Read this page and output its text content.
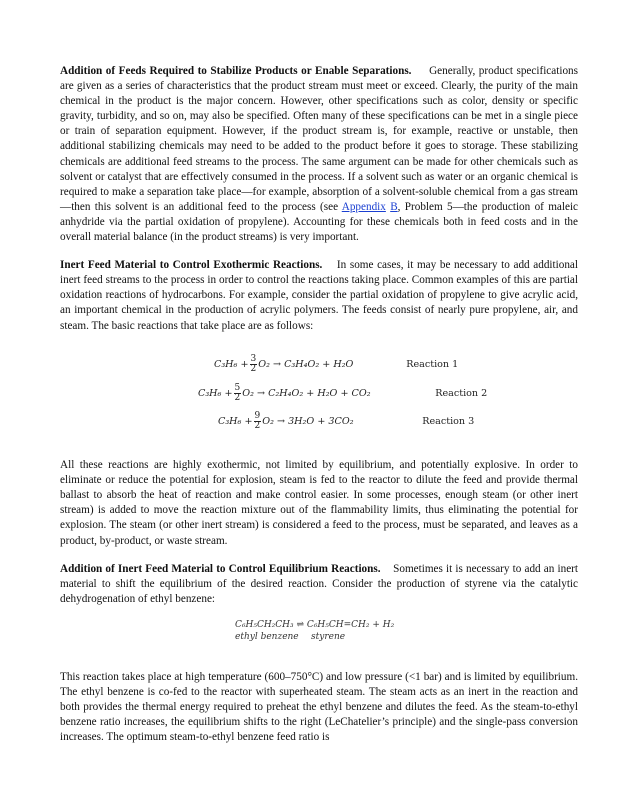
Addition of Feeds Required to Stabilize Products or Enable Separations. Generally, product specifications are given as a series of characteristics that the product stream must meet or exceed. Clearly, the purity of the main chemical in the product is the major concern. However, other specifications such as color, density or specific gravity, turbidity, and so on, may also be specified. Often many of these specifications can be met in a single piece or train of separation equipment. However, if the product stream is, for example, reactive or unstable, then additional stabilizing chemicals may need to be added to the product before it goes to storage. These stabilizing chemicals are additional feed streams to the process. The same argument can be made for other chemicals such as solvent or catalyst that are effectively consumed in the process. If a solvent such as water or an organic chemical is required to make a separation take place—for example, absorption of a solvent-soluble chemical from a gas stream—then this solvent is an additional feed to the process (see Appendix B, Problem 5—the production of maleic anhydride via the partial oxidation of propylene). Accounting for these chemicals both in feed costs and in the overall material balance (in the product streams) is very important.

Inert Feed Material to Control Exothermic Reactions. In some cases, it may be necessary to add additional inert feed streams to the process in order to control the reactions taking place. Common examples of this are partial oxidation reactions of hydrocarbons. For example, consider the partial oxidation of propylene to give acrylic acid, an important chemical in the production of acrylic polymers. The feeds consist of nearly pure propylene, air, and steam. The basic reactions that take place are as follows:

$C_3H_6 + \frac{3}{2} O_2 \to C_3H_4O_2 + H_2O$	Reaction 1
$C_3H_6 + \frac{5}{2} O_2 \to C_2H_4O_2 + H_2O + CO_2$	Reaction 2
$C_3H_6 + \frac{9}{2} O_2 \to 3H_2O + 3CO_2$	Reaction 3

All these reactions are highly exothermic, not limited by equilibrium, and potentially explosive. In order to eliminate or reduce the potential for explosion, steam is fed to the reactor to dilute the feed and provide thermal ballast to absorb the heat of reaction and make control easier. In some processes, enough steam (or other inert stream) is added to move the reaction mixture out of the flammability limits, thus eliminating the potential for explosion. The steam (or other inert stream) is considered a feed to the process, must be separated, and leaves as a product, by-product, or waste stream.

Addition of Inert Feed Material to Control Equilibrium Reactions. Sometimes it is necessary to add an inert material to shift the equilibrium of the desired reaction. Consider the production of styrene via the catalytic dehydrogenation of ethyl benzene:

C₆H₅CH₂CH₃ ⇌ C₆H₅CH=CH₂ + H₂
ethyl benzene styrene

This reaction takes place at high temperature (600–750°C) and low pressure (<1 bar) and is limited by equilibrium. The ethyl benzene is co-fed to the reactor with superheated steam. The steam acts as an inert in the reaction and both provides the thermal energy required to preheat the ethyl benzene and dilutes the feed. As the steam-to-ethyl benzene ratio increases, the equilibrium shifts to the right (LeChatelier’s principle) and the single-pass conversion increases. The optimum steam-to-ethyl benzene feed ratio is
